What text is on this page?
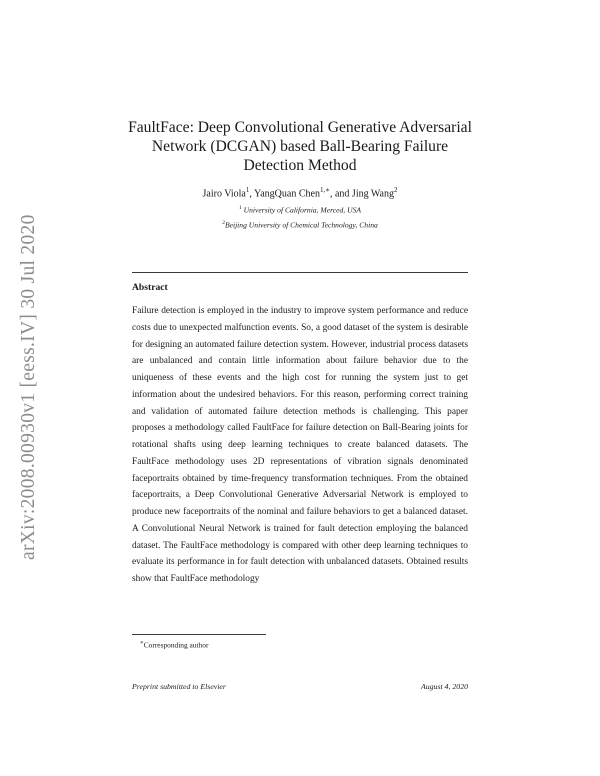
arXiv:2008.00930v1 [eess.IV] 30 Jul 2020
FaultFace: Deep Convolutional Generative Adversarial Network (DCGAN) based Ball-Bearing Failure Detection Method
Jairo Viola$^1$, YangQuan Chen$^{1,∗}$, and Jing Wang$^2$
$^1$ University of California, Merced, USA
$^2$Beijing University of Chemical Technology, China
Abstract
Failure detection is employed in the industry to improve system performance and reduce costs due to unexpected malfunction events. So, a good dataset of the system is desirable for designing an automated failure detection system. However, industrial process datasets are unbalanced and contain little information about failure behavior due to the uniqueness of these events and the high cost for running the system just to get information about the undesired behaviors. For this reason, performing correct training and validation of automated failure detection methods is challenging. This paper proposes a methodology called FaultFace for failure detection on Ball-Bearing joints for rotational shafts using deep learning techniques to create balanced datasets. The FaultFace methodology uses 2D representations of vibration signals denominated faceportraits obtained by time-frequency transformation techniques. From the obtained faceportraits, a Deep Convolutional Generative Adversarial Network is employed to produce new faceportraits of the nominal and failure behaviors to get a balanced dataset. A Convolutional Neural Network is trained for fault detection employing the balanced dataset. The FaultFace methodology is compared with other deep learning techniques to evaluate its performance in for fault detection with unbalanced datasets. Obtained results show that FaultFace methodology
∗Corresponding author
Preprint submitted to Elsevier	August 4, 2020
